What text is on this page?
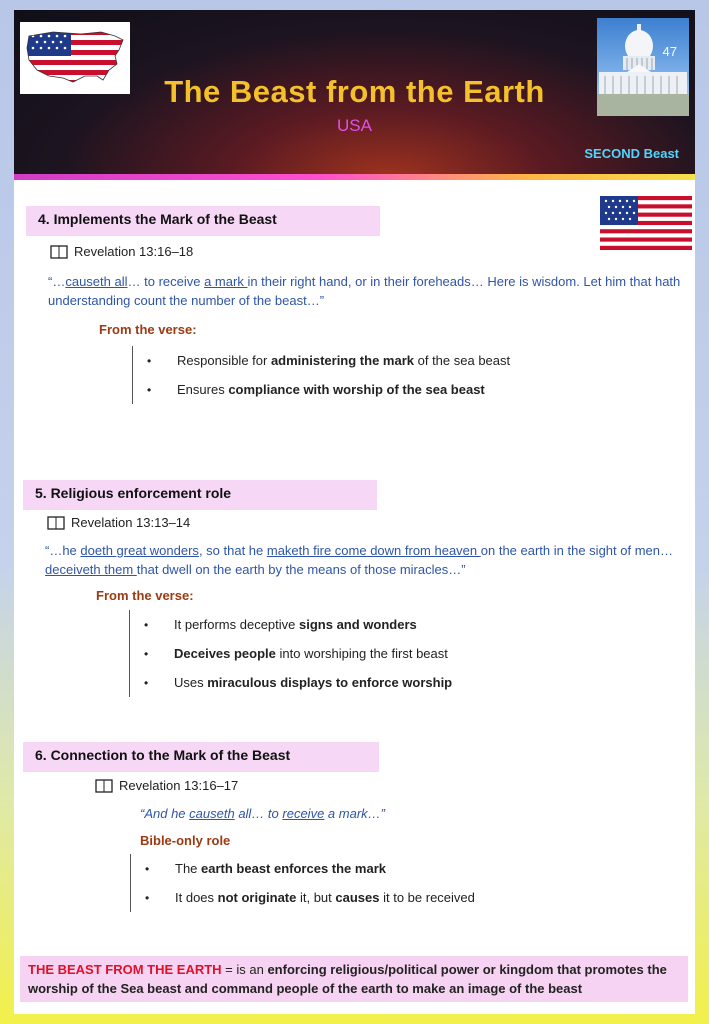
47
The Beast from the Earth
USA
SECOND Beast
4. Implements the Mark of the Beast
Revelation 13:16–18
“…causeth all… to receive a mark in their right hand, or in their foreheads… Here is wisdom. Let him that hath understanding count the number of the beast…”
From the verse:
•	Responsible for administering the mark of the sea beast
•	Ensures compliance with worship of the sea beast
5. Religious enforcement role
Revelation 13:13–14
“…he doeth great wonders, so that he maketh fire come down from heaven on the earth in the sight of men… deceiveth them that dwell on the earth by the means of those miracles…”
From the verse:
•	It performs deceptive signs and wonders
•	Deceives people into worshiping the first beast
•	Uses miraculous displays to enforce worship
6. Connection to the Mark of the Beast
Revelation 13:16–17
“And he causeth all… to receive a mark…”
Bible-only role
•	The earth beast enforces the mark
•	It does not originate it, but causes it to be received
THE BEAST FROM THE EARTH = is an enforcing religious/political power or kingdom that promotes the worship of the Sea beast and command people of the earth to make an image of the beast
